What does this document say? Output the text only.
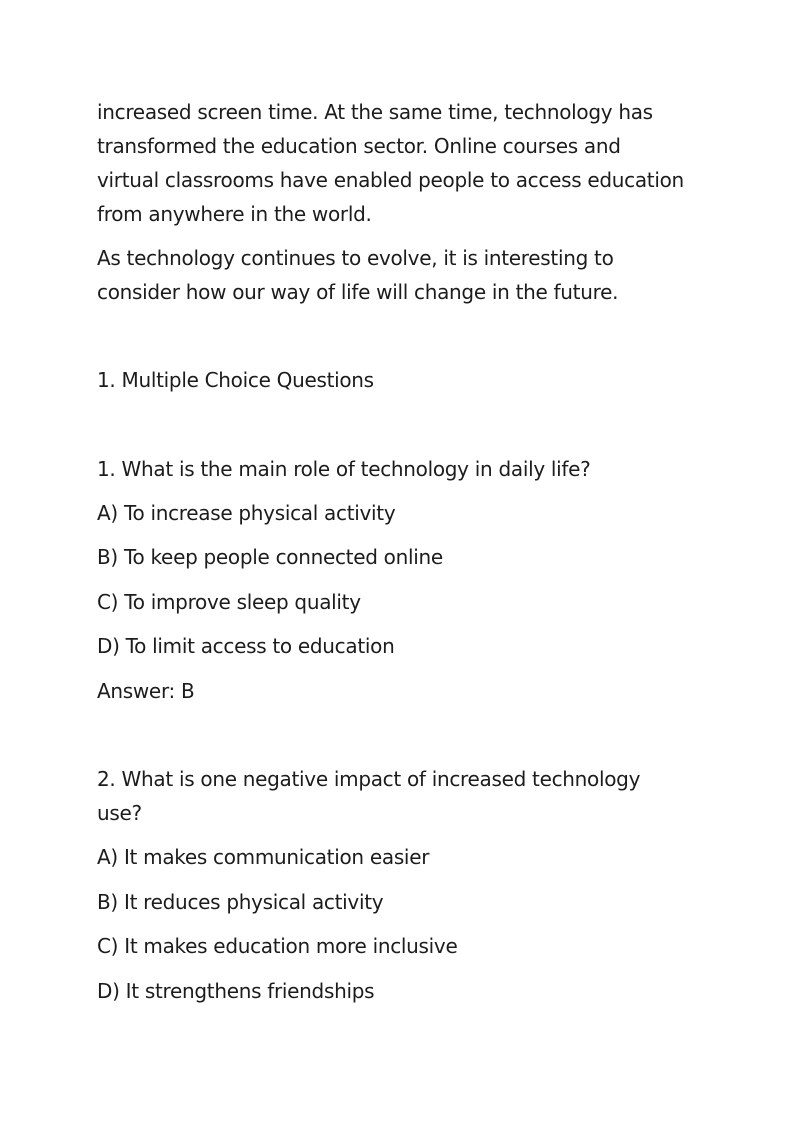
increased screen time. At the same time, technology has
transformed the education sector. Online courses and
virtual classrooms have enabled people to access education
from anywhere in the world.
As technology continues to evolve, it is interesting to
consider how our way of life will change in the future.
1. Multiple Choice Questions
1. What is the main role of technology in daily life?
A) To increase physical activity
B) To keep people connected online
C) To improve sleep quality
D) To limit access to education
Answer: B
2. What is one negative impact of increased technology
use?
A) It makes communication easier
B) It reduces physical activity
C) It makes education more inclusive
D) It strengthens friendships
